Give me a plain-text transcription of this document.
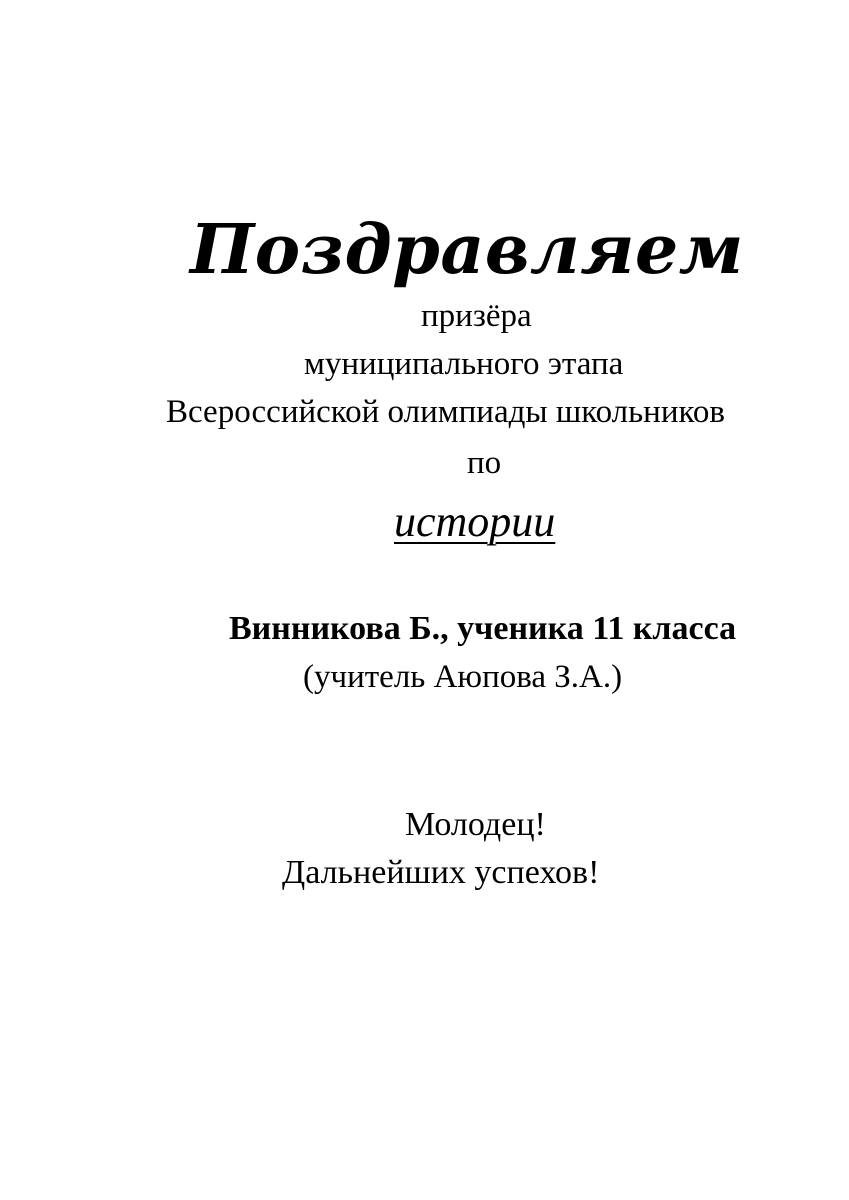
Поздравляем
призёра
муниципального этапа
Всероссийской олимпиады школьников
по
истории
Винникова Б., ученика 11 класса
(учитель Аюпова З.А.)
Молодец!
Дальнейших успехов!
